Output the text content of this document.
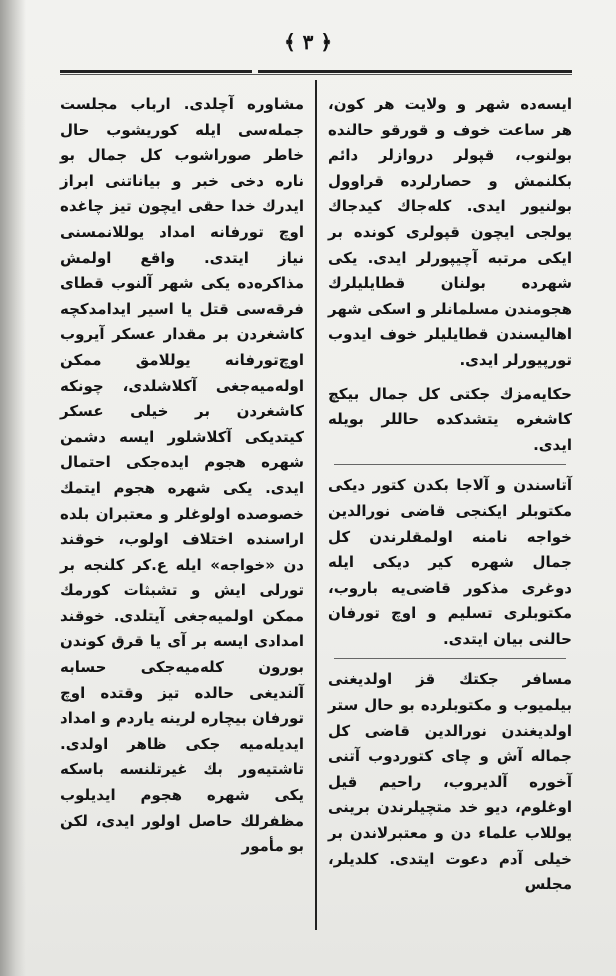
﴾ ٣ ﴿

ایسه‌ده شهر و ولایت هر کون، هر ساعت خوف و قورقو حالنده بولنوب، قپولر درواز‌لر دائم بکلنمش و حصار‌لرده قراوول بولنیور ایدی. کله‌جاك کیدجاك یولجی ایچون قپولری کوندە بر ایکی مرتبه آچیپورلر ایدی. یکی شهرده بولنان قطایلیلرك هجومندن مسلمانلر و اسکی شهر اهالیسندن قطایلیلر خوف ایدوب تورپیورلر ایدی.

حکایه‌مزك جکتی کل جمال بیکچ کاشغره یتشدکده حاللر بویله ایدی.

آتاسندن و آلاجا بکدن کتور دیکی مکتوبلر ایکنجی قاضی نورالدین خواجه نامنه اولمقلرندن کل جمال شهره کیر دیکی ایله دوغری مذکور قاضی‌یه باروب، مکتوبلری تسلیم و اوچ تورفان حالنی بیان ایتدی.

مسافر جکتك قز اولدیغنی بیلمیوب و مکتوبلرده بو حال ستر اولدیغندن نورالدین قاضی کل جماله آش و چای کتوردوب آتنی آخوره آلدیروب، راحیم قیل اوغلوم، دیو خد متچیلرندن برینی یوللاب علماء دن و معتبرلاندن بر خیلی آدم دعوت ایتدی. کلدیلر، مجلس

مشاوره آچلدی. ارباب مجلست جمله‌سی ایله کوریشوب حال خاطر صوراشوب کل جمال بو نا‌ره دخی خبر و بیاناتنی ابراز ایدرك خدا حقی ایچون تیز چاغده اوچ تورفانه امداد یوللانمسنی نیاز ایتدی. واقع اولمش مذاکره‌ده یکی شهر آلنوب قطای فرقه‌سی قتل یا اسیر ایدامدکچه کاشغردن بر مقدار عسکر آیروب اوچ‌تورفانه یوللامق ممکن اوله‌میه‌جغی آکلاشلدی، چونکه کاشغردن بر خیلی عسکر کیتدیکی آکلاشلور ایسه دشمن شهره هجوم ایده‌جکی احتمال ایدی. یکی شهره هجوم ایتمك خصوصده اولوغلر و معتبران بلده اراسنده اختلاف اولوب، خوقند دن «خواجه» ایله ع.کر کلنجه بر تورلی ایش و تشبثات کورمك ممکن اولمیه‌جغی آیتلدی. خوقند امدادی ایسه بر آی یا قرق کوندن بورون کله‌میه‌جکی حسابه آلندیغی حالده تیز وقتده اوچ تورفان بیچاره لرینه یاردم و امداد ایدیله‌میه جکی ظاهر اولدی. تاشتیه‌ور بك غیرتلنسه باسکه یکی شهره هجوم ایدیلوب مظفرلك حاصل اولور ایدی، لکن بو مأمور
